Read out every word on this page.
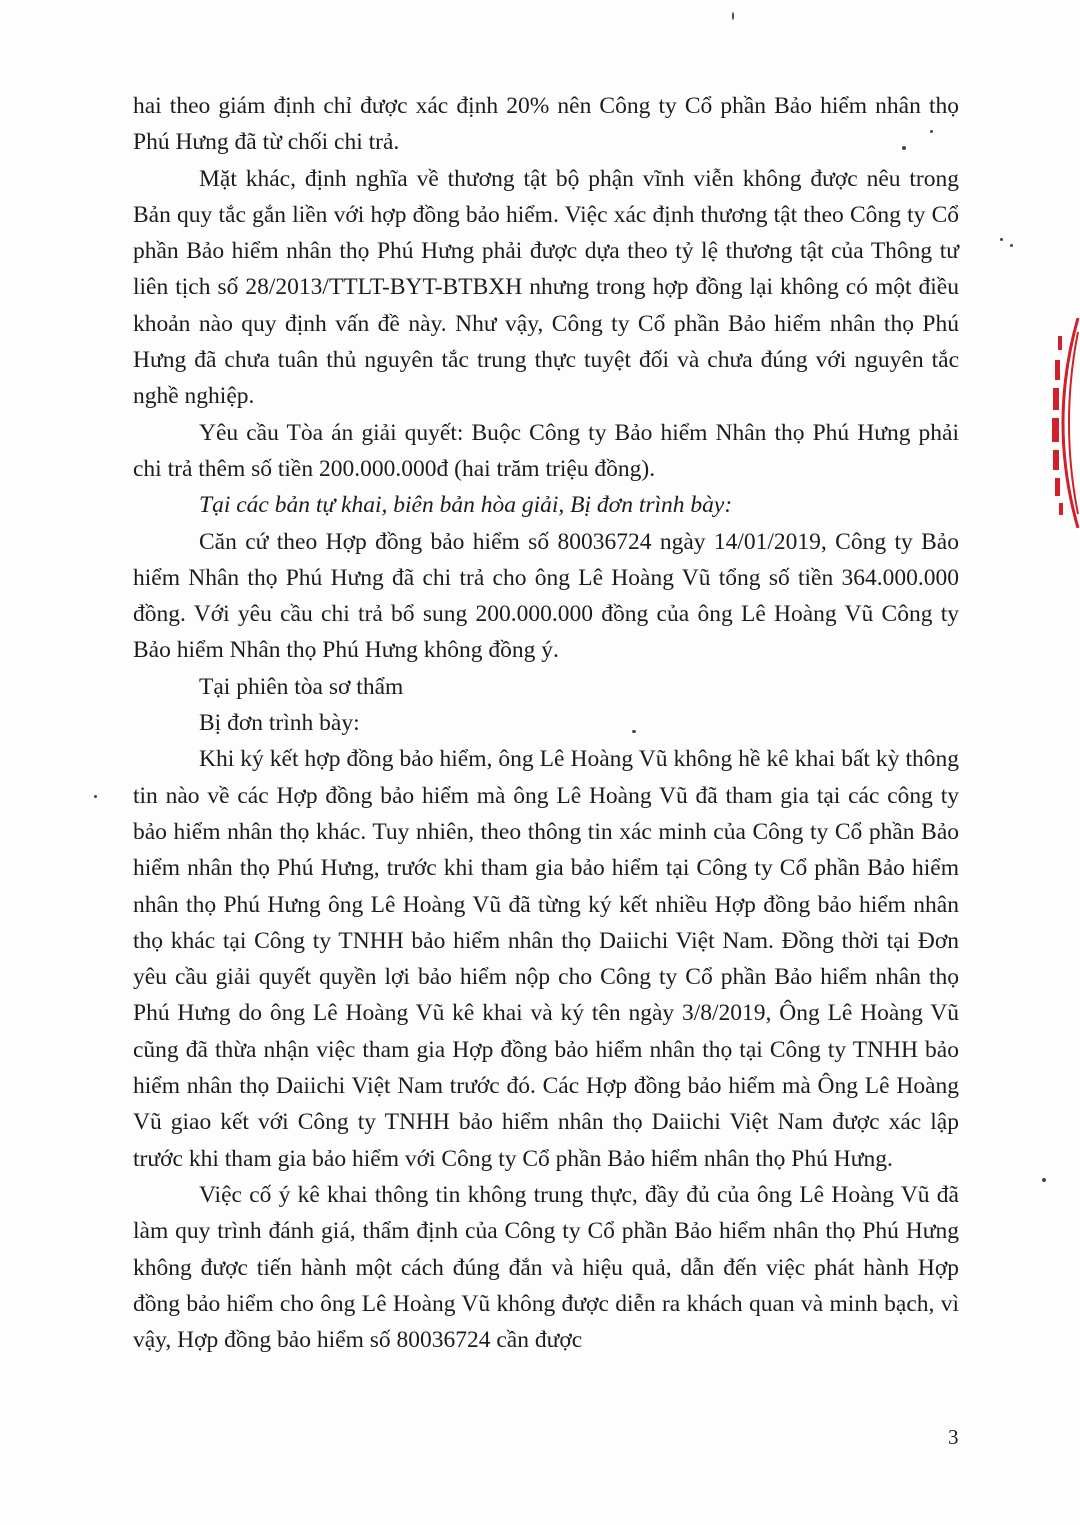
hai theo giám định chỉ được xác định 20% nên Công ty Cổ phần Bảo hiểm nhân thọ Phú Hưng đã từ chối chi trả.

Mặt khác, định nghĩa về thương tật bộ phận vĩnh viễn không được nêu trong Bản quy tắc gắn liền với hợp đồng bảo hiểm. Việc xác định thương tật theo Công ty Cổ phần Bảo hiểm nhân thọ Phú Hưng phải được dựa theo tỷ lệ thương tật của Thông tư liên tịch số 28/2013/TTLT-BYT-BTBXH nhưng trong hợp đồng lại không có một điều khoản nào quy định vấn đề này. Như vậy, Công ty Cổ phần Bảo hiểm nhân thọ Phú Hưng đã chưa tuân thủ nguyên tắc trung thực tuyệt đối và chưa đúng với nguyên tắc nghề nghiệp.

Yêu cầu Tòa án giải quyết: Buộc Công ty Bảo hiểm Nhân thọ Phú Hưng phải chi trả thêm số tiền 200.000.000đ (hai trăm triệu đồng).

Tại các bản tự khai, biên bản hòa giải, Bị đơn trình bày:

Căn cứ theo Hợp đồng bảo hiểm số 80036724 ngày 14/01/2019, Công ty Bảo hiểm Nhân thọ Phú Hưng đã chi trả cho ông Lê Hoàng Vũ tổng số tiền 364.000.000 đồng. Với yêu cầu chi trả bổ sung 200.000.000 đồng của ông Lê Hoàng Vũ Công ty Bảo hiểm Nhân thọ Phú Hưng không đồng ý.

Tại phiên tòa sơ thẩm

Bị đơn trình bày:

Khi ký kết hợp đồng bảo hiểm, ông Lê Hoàng Vũ không hề kê khai bất kỳ thông tin nào về các Hợp đồng bảo hiểm mà ông Lê Hoàng Vũ đã tham gia tại các công ty bảo hiểm nhân thọ khác. Tuy nhiên, theo thông tin xác minh của Công ty Cổ phần Bảo hiểm nhân thọ Phú Hưng, trước khi tham gia bảo hiểm tại Công ty Cổ phần Bảo hiểm nhân thọ Phú Hưng ông Lê Hoàng Vũ đã từng ký kết nhiều Hợp đồng bảo hiểm nhân thọ khác tại Công ty TNHH bảo hiểm nhân thọ Daiichi Việt Nam. Đồng thời tại Đơn yêu cầu giải quyết quyền lợi bảo hiểm nộp cho Công ty Cổ phần Bảo hiểm nhân thọ Phú Hưng do ông Lê Hoàng Vũ kê khai và ký tên ngày 3/8/2019, Ông Lê Hoàng Vũ cũng đã thừa nhận việc tham gia Hợp đồng bảo hiểm nhân thọ tại Công ty TNHH bảo hiểm nhân thọ Daiichi Việt Nam trước đó. Các Hợp đồng bảo hiểm mà Ông Lê Hoàng Vũ giao kết với Công ty TNHH bảo hiểm nhân thọ Daiichi Việt Nam được xác lập trước khi tham gia bảo hiểm với Công ty Cổ phần Bảo hiểm nhân thọ Phú Hưng.

Việc cố ý kê khai thông tin không trung thực, đầy đủ của ông Lê Hoàng Vũ đã làm quy trình đánh giá, thẩm định của Công ty Cổ phần Bảo hiểm nhân thọ Phú Hưng không được tiến hành một cách đúng đắn và hiệu quả, dẫn đến việc phát hành Hợp đồng bảo hiểm cho ông Lê Hoàng Vũ không được diễn ra khách quan và minh bạch, vì vậy, Hợp đồng bảo hiểm số 80036724 cần được

3
